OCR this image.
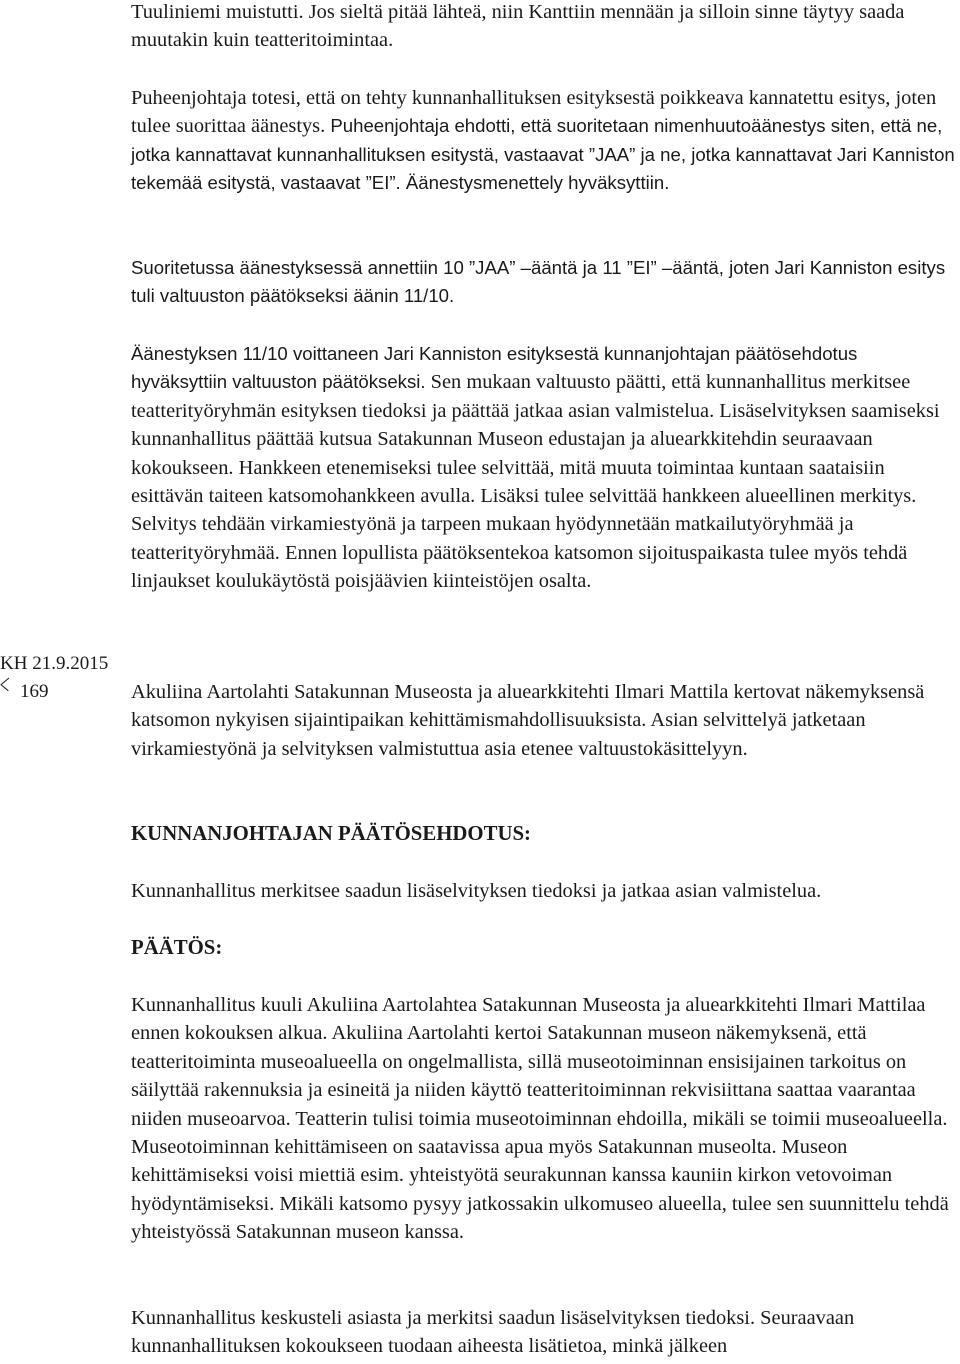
KH 21.9.2015
169

Tuuliniemi muistutti. Jos sieltä pitää lähteä, niin Kanttiin mennään ja silloin sinne täytyy saada muutakin kuin teatteritoimintaa.

Puheenjohtaja totesi, että on tehty kunnanhallituksen esityksestä poikkeava kannatettu esitys, joten tulee suorittaa äänestys. Puheenjohtaja ehdotti, että suoritetaan nimenhuutoäänestys siten, että ne, jotka kannattavat kunnanhallituksen esitystä, vastaavat ”JAA” ja ne, jotka kannattavat Jari Kanniston tekemää esitystä, vastaavat ”EI”. Äänestysmenettely hyväksyttiin.

Suoritetussa äänestyksessä annettiin 10 ”JAA” –ääntä ja 11 ”EI” –ääntä, joten Jari Kanniston esitys tuli valtuuston päätökseksi äänin 11/10.

Äänestyksen 11/10 voittaneen Jari Kanniston esityksestä kunnanjohtajan päätösehdotus hyväksyttiin valtuuston päätökseksi. Sen mukaan valtuusto päätti, että kunnanhallitus merkitsee teatterityöryhmän esityksen tiedoksi ja päättää jatkaa asian valmistelua. Lisäselvityksen saamiseksi kunnanhallitus päättää kutsua Satakunnan Museon edustajan ja aluearkkitehdin seuraavaan kokoukseen. Hankkeen etenemiseksi tulee selvittää, mitä muuta toimintaa kuntaan saataisiin esittävän taiteen katsomohankkeen avulla. Lisäksi tulee selvittää hankkeen alueellinen merkitys. Selvitys tehdään virkamiestyönä ja tarpeen mukaan hyödynnetään matkailutyöryhmää ja teatterityöryhmää. Ennen lopullista päätöksentekoa katsomon sijoituspaikasta tulee myös tehdä linjaukset koulukäytöstä poisjäävien kiinteistöjen osalta.

Akuliina Aartolahti Satakunnan Museosta ja aluearkkitehti Ilmari Mattila kertovat näkemyksensä katsomon nykyisen sijaintipaikan kehittämismahdollisuuksista. Asian selvittelyä jatketaan virkamiestyönä ja selvityksen valmistuttua asia etenee valtuustokäsittelyyn.

KUNNANJOHTAJAN PÄÄTÖSEHDOTUS:

Kunnanhallitus merkitsee saadun lisäselvityksen tiedoksi ja jatkaa asian valmistelua.

PÄÄTÖS:

Kunnanhallitus kuuli Akuliina Aartolahtea Satakunnan Museosta ja aluearkkitehti Ilmari Mattilaa ennen kokouksen alkua. Akuliina Aartolahti kertoi Satakunnan museon näkemyksenä, että teatteritoiminta museoalueella on ongelmallista, sillä museotoiminnan ensisijainen tarkoitus on säilyttää rakennuksia ja esineitä ja niiden käyttö teatteritoiminnan rekvisiittana saattaa vaarantaa niiden museoarvoa. Teatterin tulisi toimia museotoiminnan ehdoilla, mikäli se toimii museoalueella. Museotoiminnan kehittämiseen on saatavissa apua myös Satakunnan museolta. Museon kehittämiseksi voisi miettiä esim. yhteistyötä seurakunnan kanssa kauniin kirkon vetovoiman hyödyntämiseksi. Mikäli katsomo pysyy jatkossakin ulkomuseo alueella, tulee sen suunnittelu tehdä yhteistyössä Satakunnan museon kanssa.

Kunnanhallitus keskusteli asiasta ja merkitsi saadun lisäselvityksen tiedoksi. Seuraavaan kunnanhallituksen kokoukseen tuodaan aiheesta lisätietoa, minkä jälkeen
